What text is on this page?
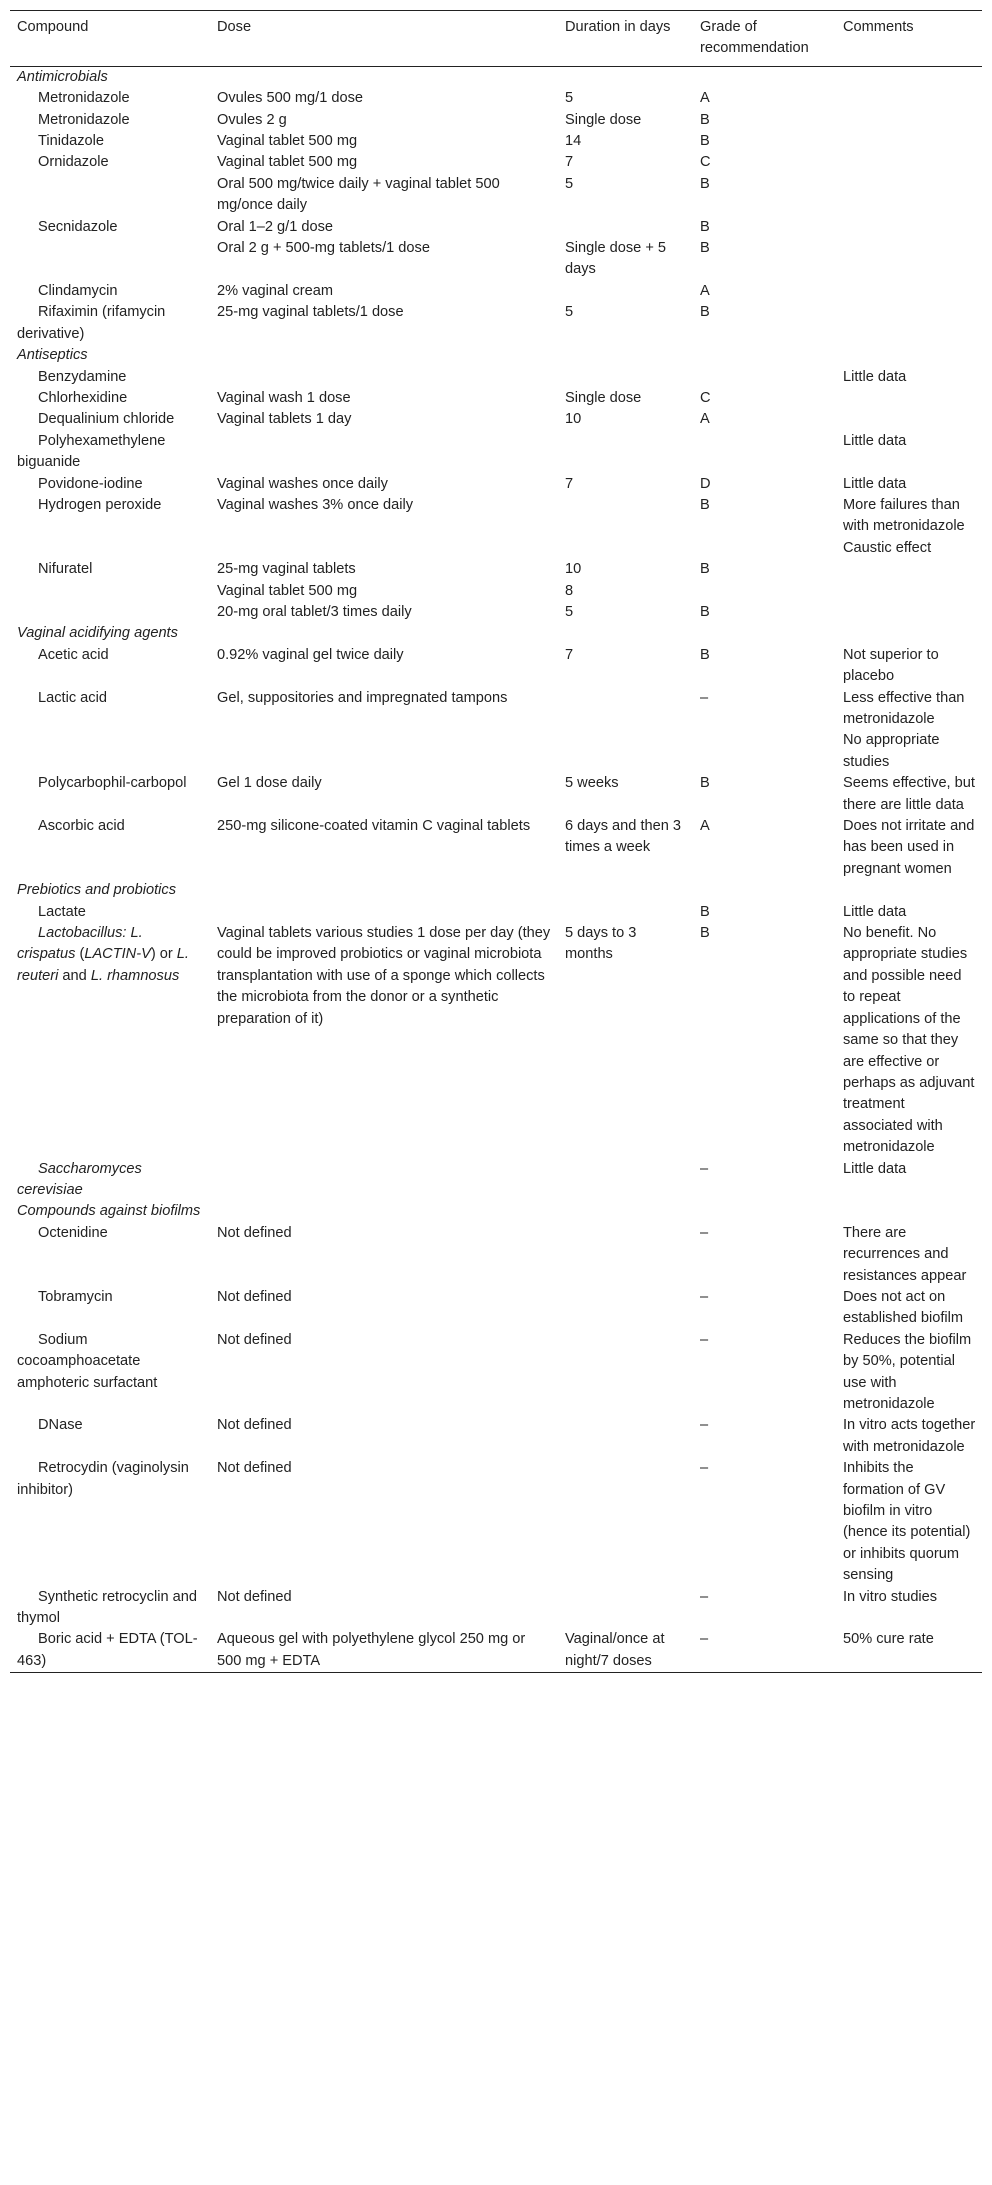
Compound	Dose	Duration in days	Grade of recommendation	Comments
Antimicrobials				
Metronidazole	Ovules 500 mg/1 dose	5	A	
Metronidazole	Ovules 2 g	Single dose	B	
Tinidazole	Vaginal tablet 500 mg	14	B	
Ornidazole	Vaginal tablet 500 mg	7	C	
	Oral 500 mg/twice daily + vaginal tablet 500 mg/once daily	5	B	
Secnidazole	Oral 1–2 g/1 dose		B	
	Oral 2 g + 500-mg tablets/1 dose	Single dose + 5 days	B	
Clindamycin	2% vaginal cream		A	
Rifaximin (rifamycin derivative)	25-mg vaginal tablets/1 dose	5	B	
Antiseptics				
Benzydamine				Little data
Chlorhexidine	Vaginal wash 1 dose	Single dose	C	
Dequalinium chloride	Vaginal tablets 1 day	10	A	
Polyhexamethylene biguanide				Little data
Povidone-iodine	Vaginal washes once daily	7	D	Little data
Hydrogen peroxide	Vaginal washes 3% once daily		B	More failures than with metronidazole
				Caustic effect
Nifuratel	25-mg vaginal tablets	10	B	
	Vaginal tablet 500 mg	8		
	20-mg oral tablet/3 times daily	5	B	
Vaginal acidifying agents				
Acetic acid	0.92% vaginal gel twice daily	7	B	Not superior to placebo
Lactic acid	Gel, suppositories and impregnated tampons		–	Less effective than metronidazole
				No appropriate studies
Polycarbophil-carbopol	Gel 1 dose daily	5 weeks	B	Seems effective, but there are little data
Ascorbic acid	250-mg silicone-coated vitamin C vaginal tablets	6 days and then 3 times a week	A	Does not irritate and has been used in pregnant women
Prebiotics and probiotics				
Lactate			B	Little data
Lactobacillus: L. crispatus (LACTIN-V) or L. reuteri and L. rhamnosus	Vaginal tablets various studies 1 dose per day (they could be improved probiotics or vaginal microbiota transplantation with use of a sponge which collects the microbiota from the donor or a synthetic preparation of it)	5 days to 3 months	B	No benefit. No appropriate studies and possible need to repeat applications of the same so that they are effective or perhaps as adjuvant treatment associated with metronidazole
Saccharomyces cerevisiae			–	Little data
Compounds against biofilms				
Octenidine	Not defined		–	There are recurrences and resistances appear
Tobramycin	Not defined		–	Does not act on established biofilm
Sodium cocoamphoacetate amphoteric surfactant	Not defined		–	Reduces the biofilm by 50%, potential use with metronidazole
DNase	Not defined		–	In vitro acts together with metronidazole
Retrocydin (vaginolysin inhibitor)	Not defined		–	Inhibits the formation of GV biofilm in vitro (hence its potential) or inhibits quorum sensing
Synthetic retrocyclin and thymol	Not defined		–	In vitro studies
Boric acid + EDTA (TOL-463)	Aqueous gel with polyethylene glycol 250 mg or 500 mg + EDTA	Vaginal/once at night/7 doses	–	50% cure rate
